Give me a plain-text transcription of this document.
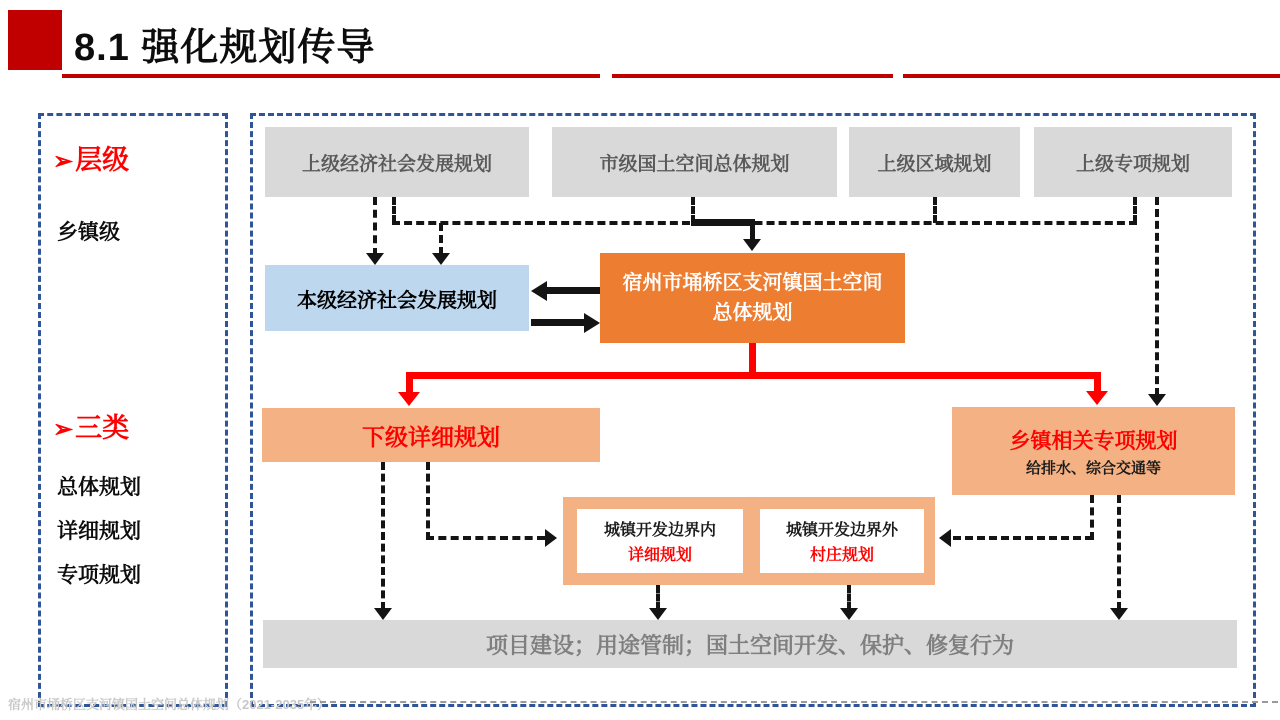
8.1 强化规划传导
➢层级
乡镇级
➢三类
总体规划
详细规划
专项规划
上级经济社会发展规划	市级国土空间总体规划	上级区域规划	上级专项规划
本级经济社会发展规划
宿州市埇桥区支河镇国土空间
总体规划
下级详细规划	乡镇相关专项规划
给排水、综合交通等
城镇开发边界内
详细规划
城镇开发边界外
村庄规划
项目建设；用途管制；国土空间开发、保护、修复行为
宿州市埇桥区支河镇国土空间总体规划（2021-2035年）
